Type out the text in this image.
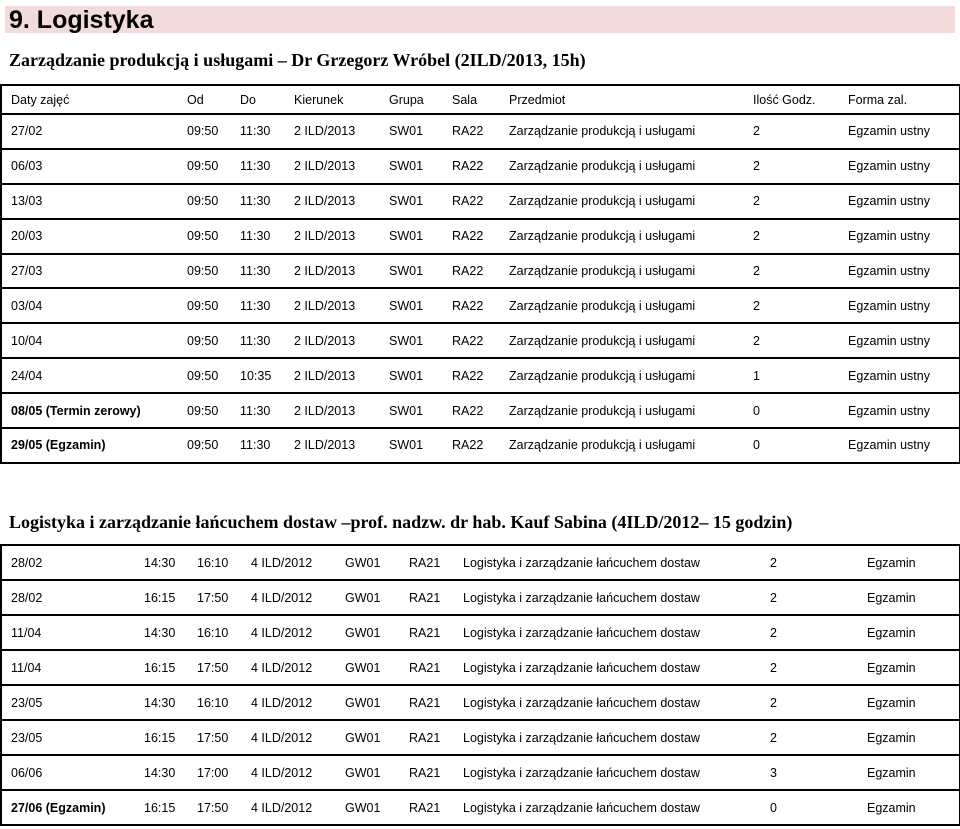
9. Logistyka
Zarządzanie produkcją i usługami – Dr Grzegorz Wróbel (2ILD/2013, 15h)
Daty zajęć	Od	Do	Kierunek	Grupa	Sala	Przedmiot	Ilość Godz.	Forma zal.
27/02	09:50	11:30	2 ILD/2013	SW01	RA22	Zarządzanie produkcją i usługami	2	Egzamin ustny
06/03	09:50	11:30	2 ILD/2013	SW01	RA22	Zarządzanie produkcją i usługami	2	Egzamin ustny
13/03	09:50	11:30	2 ILD/2013	SW01	RA22	Zarządzanie produkcją i usługami	2	Egzamin ustny
20/03	09:50	11:30	2 ILD/2013	SW01	RA22	Zarządzanie produkcją i usługami	2	Egzamin ustny
27/03	09:50	11:30	2 ILD/2013	SW01	RA22	Zarządzanie produkcją i usługami	2	Egzamin ustny
03/04	09:50	11:30	2 ILD/2013	SW01	RA22	Zarządzanie produkcją i usługami	2	Egzamin ustny
10/04	09:50	11:30	2 ILD/2013	SW01	RA22	Zarządzanie produkcją i usługami	2	Egzamin ustny
24/04	09:50	10:35	2 ILD/2013	SW01	RA22	Zarządzanie produkcją i usługami	1	Egzamin ustny
08/05 (Termin zerowy)	09:50	11:30	2 ILD/2013	SW01	RA22	Zarządzanie produkcją i usługami	0	Egzamin ustny
29/05 (Egzamin)	09:50	11:30	2 ILD/2013	SW01	RA22	Zarządzanie produkcją i usługami	0	Egzamin ustny
Logistyka i zarządzanie łańcuchem dostaw –prof. nadzw. dr hab. Kauf Sabina (4ILD/2012– 15 godzin)
28/02	14:30	16:10	4 ILD/2012	GW01	RA21	Logistyka i zarządzanie łańcuchem dostaw	2	Egzamin
28/02	16:15	17:50	4 ILD/2012	GW01	RA21	Logistyka i zarządzanie łańcuchem dostaw	2	Egzamin
11/04	14:30	16:10	4 ILD/2012	GW01	RA21	Logistyka i zarządzanie łańcuchem dostaw	2	Egzamin
11/04	16:15	17:50	4 ILD/2012	GW01	RA21	Logistyka i zarządzanie łańcuchem dostaw	2	Egzamin
23/05	14:30	16:10	4 ILD/2012	GW01	RA21	Logistyka i zarządzanie łańcuchem dostaw	2	Egzamin
23/05	16:15	17:50	4 ILD/2012	GW01	RA21	Logistyka i zarządzanie łańcuchem dostaw	2	Egzamin
06/06	14:30	17:00	4 ILD/2012	GW01	RA21	Logistyka i zarządzanie łańcuchem dostaw	3	Egzamin
27/06 (Egzamin)	16:15	17:50	4 ILD/2012	GW01	RA21	Logistyka i zarządzanie łańcuchem dostaw	0	Egzamin
